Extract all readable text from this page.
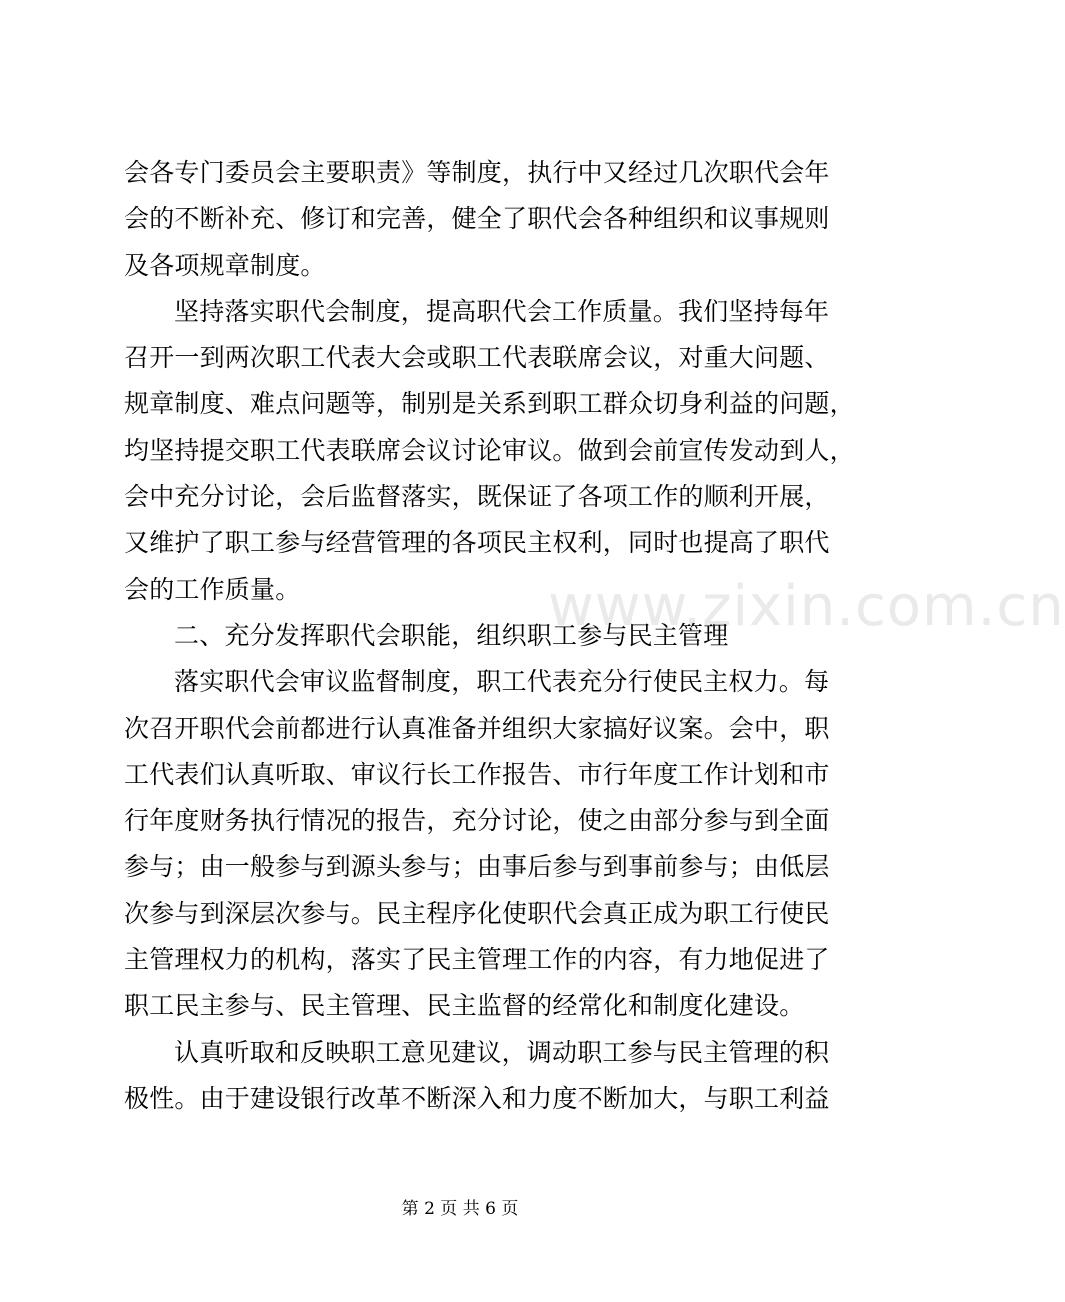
www.zixin.com.cn
会各专门委员会主要职责》等制度，执行中又经过几次职代会年
会的不断补充、修订和完善，健全了职代会各种组织和议事规则
及各项规章制度。
坚持落实职代会制度，提高职代会工作质量。我们坚持每年
召开一到两次职工代表大会或职工代表联席会议，对重大问题、
规章制度、难点问题等，制别是关系到职工群众切身利益的问题，
均坚持提交职工代表联席会议讨论审议。做到会前宣传发动到人，
会中充分讨论，会后监督落实，既保证了各项工作的顺利开展，
又维护了职工参与经营管理的各项民主权利，同时也提高了职代
会的工作质量。
二、充分发挥职代会职能，组织职工参与民主管理
落实职代会审议监督制度，职工代表充分行使民主权力。每
次召开职代会前都进行认真准备并组织大家搞好议案。会中，职
工代表们认真听取、审议行长工作报告、市行年度工作计划和市
行年度财务执行情况的报告，充分讨论，使之由部分参与到全面
参与；由一般参与到源头参与；由事后参与到事前参与；由低层
次参与到深层次参与。民主程序化使职代会真正成为职工行使民
主管理权力的机构，落实了民主管理工作的内容，有力地促进了
职工民主参与、民主管理、民主监督的经常化和制度化建设。
认真听取和反映职工意见建议，调动职工参与民主管理的积
极性。由于建设银行改革不断深入和力度不断加大，与职工利益
第 2 页 共 6 页
